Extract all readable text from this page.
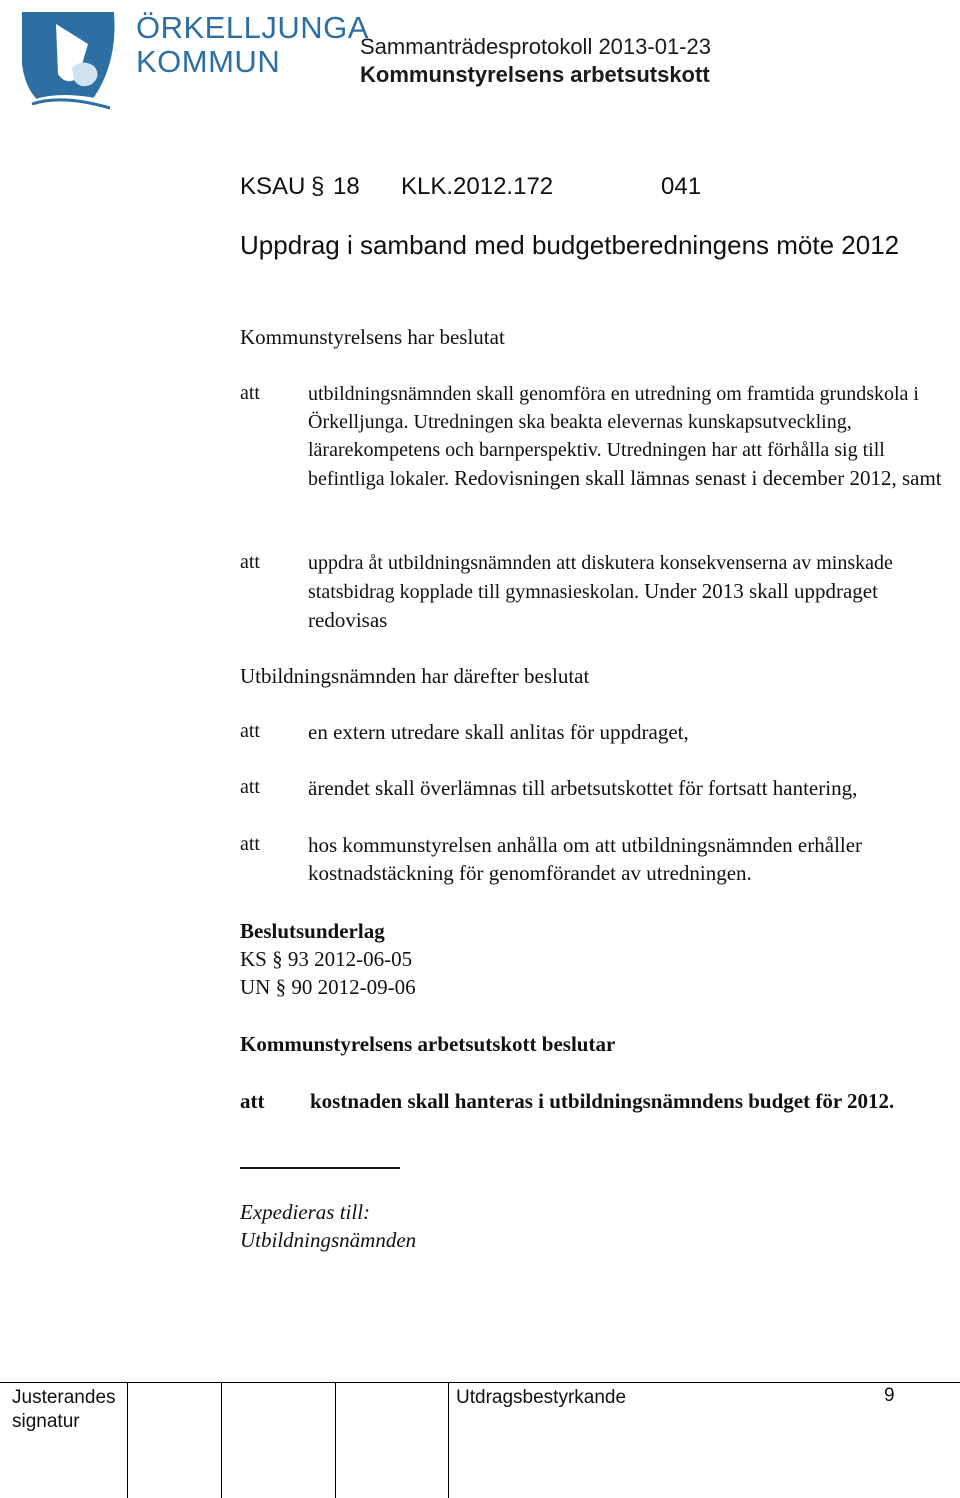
ÖRKELLJUNGA
KOMMUN	Sammanträdesprotokoll 2013-01-23
Kommunstyrelsens arbetsutskott
KSAU § 18 KLK.2012.172	041
Uppdrag i samband med budgetberedningens möte 2012
Kommunstyrelsens har beslutat
att utbildningsnämnden skall genomföra en utredning om framtida grundskola i Örkelljunga. Utredningen ska beakta elevernas kunskapsutveckling, lärarekompetens och barnperspektiv. Utredningen har att förhålla sig till befintliga lokaler. Redovisningen skall lämnas senast i december 2012, samt
att uppdra åt utbildningsnämnden att diskutera konsekvenserna av minskade statsbidrag kopplade till gymnasieskolan. Under 2013 skall uppdraget redovisas
Utbildningsnämnden har därefter beslutat
att en extern utredare skall anlitas för uppdraget,
att ärendet skall överlämnas till arbetsutskottet för fortsatt hantering,
att hos kommunstyrelsen anhålla om att utbildningsnämnden erhåller kostnadstäckning för genomförandet av utredningen.
Beslutsunderlag
KS § 93 2012-06-05
UN § 90 2012-09-06
Kommunstyrelsens arbetsutskott beslutar
att kostnaden skall hanteras i utbildningsnämndens budget för 2012.
Expedieras till:
Utbildningsnämnden
Justerandes signatur
Utdragsbestyrkande	9
